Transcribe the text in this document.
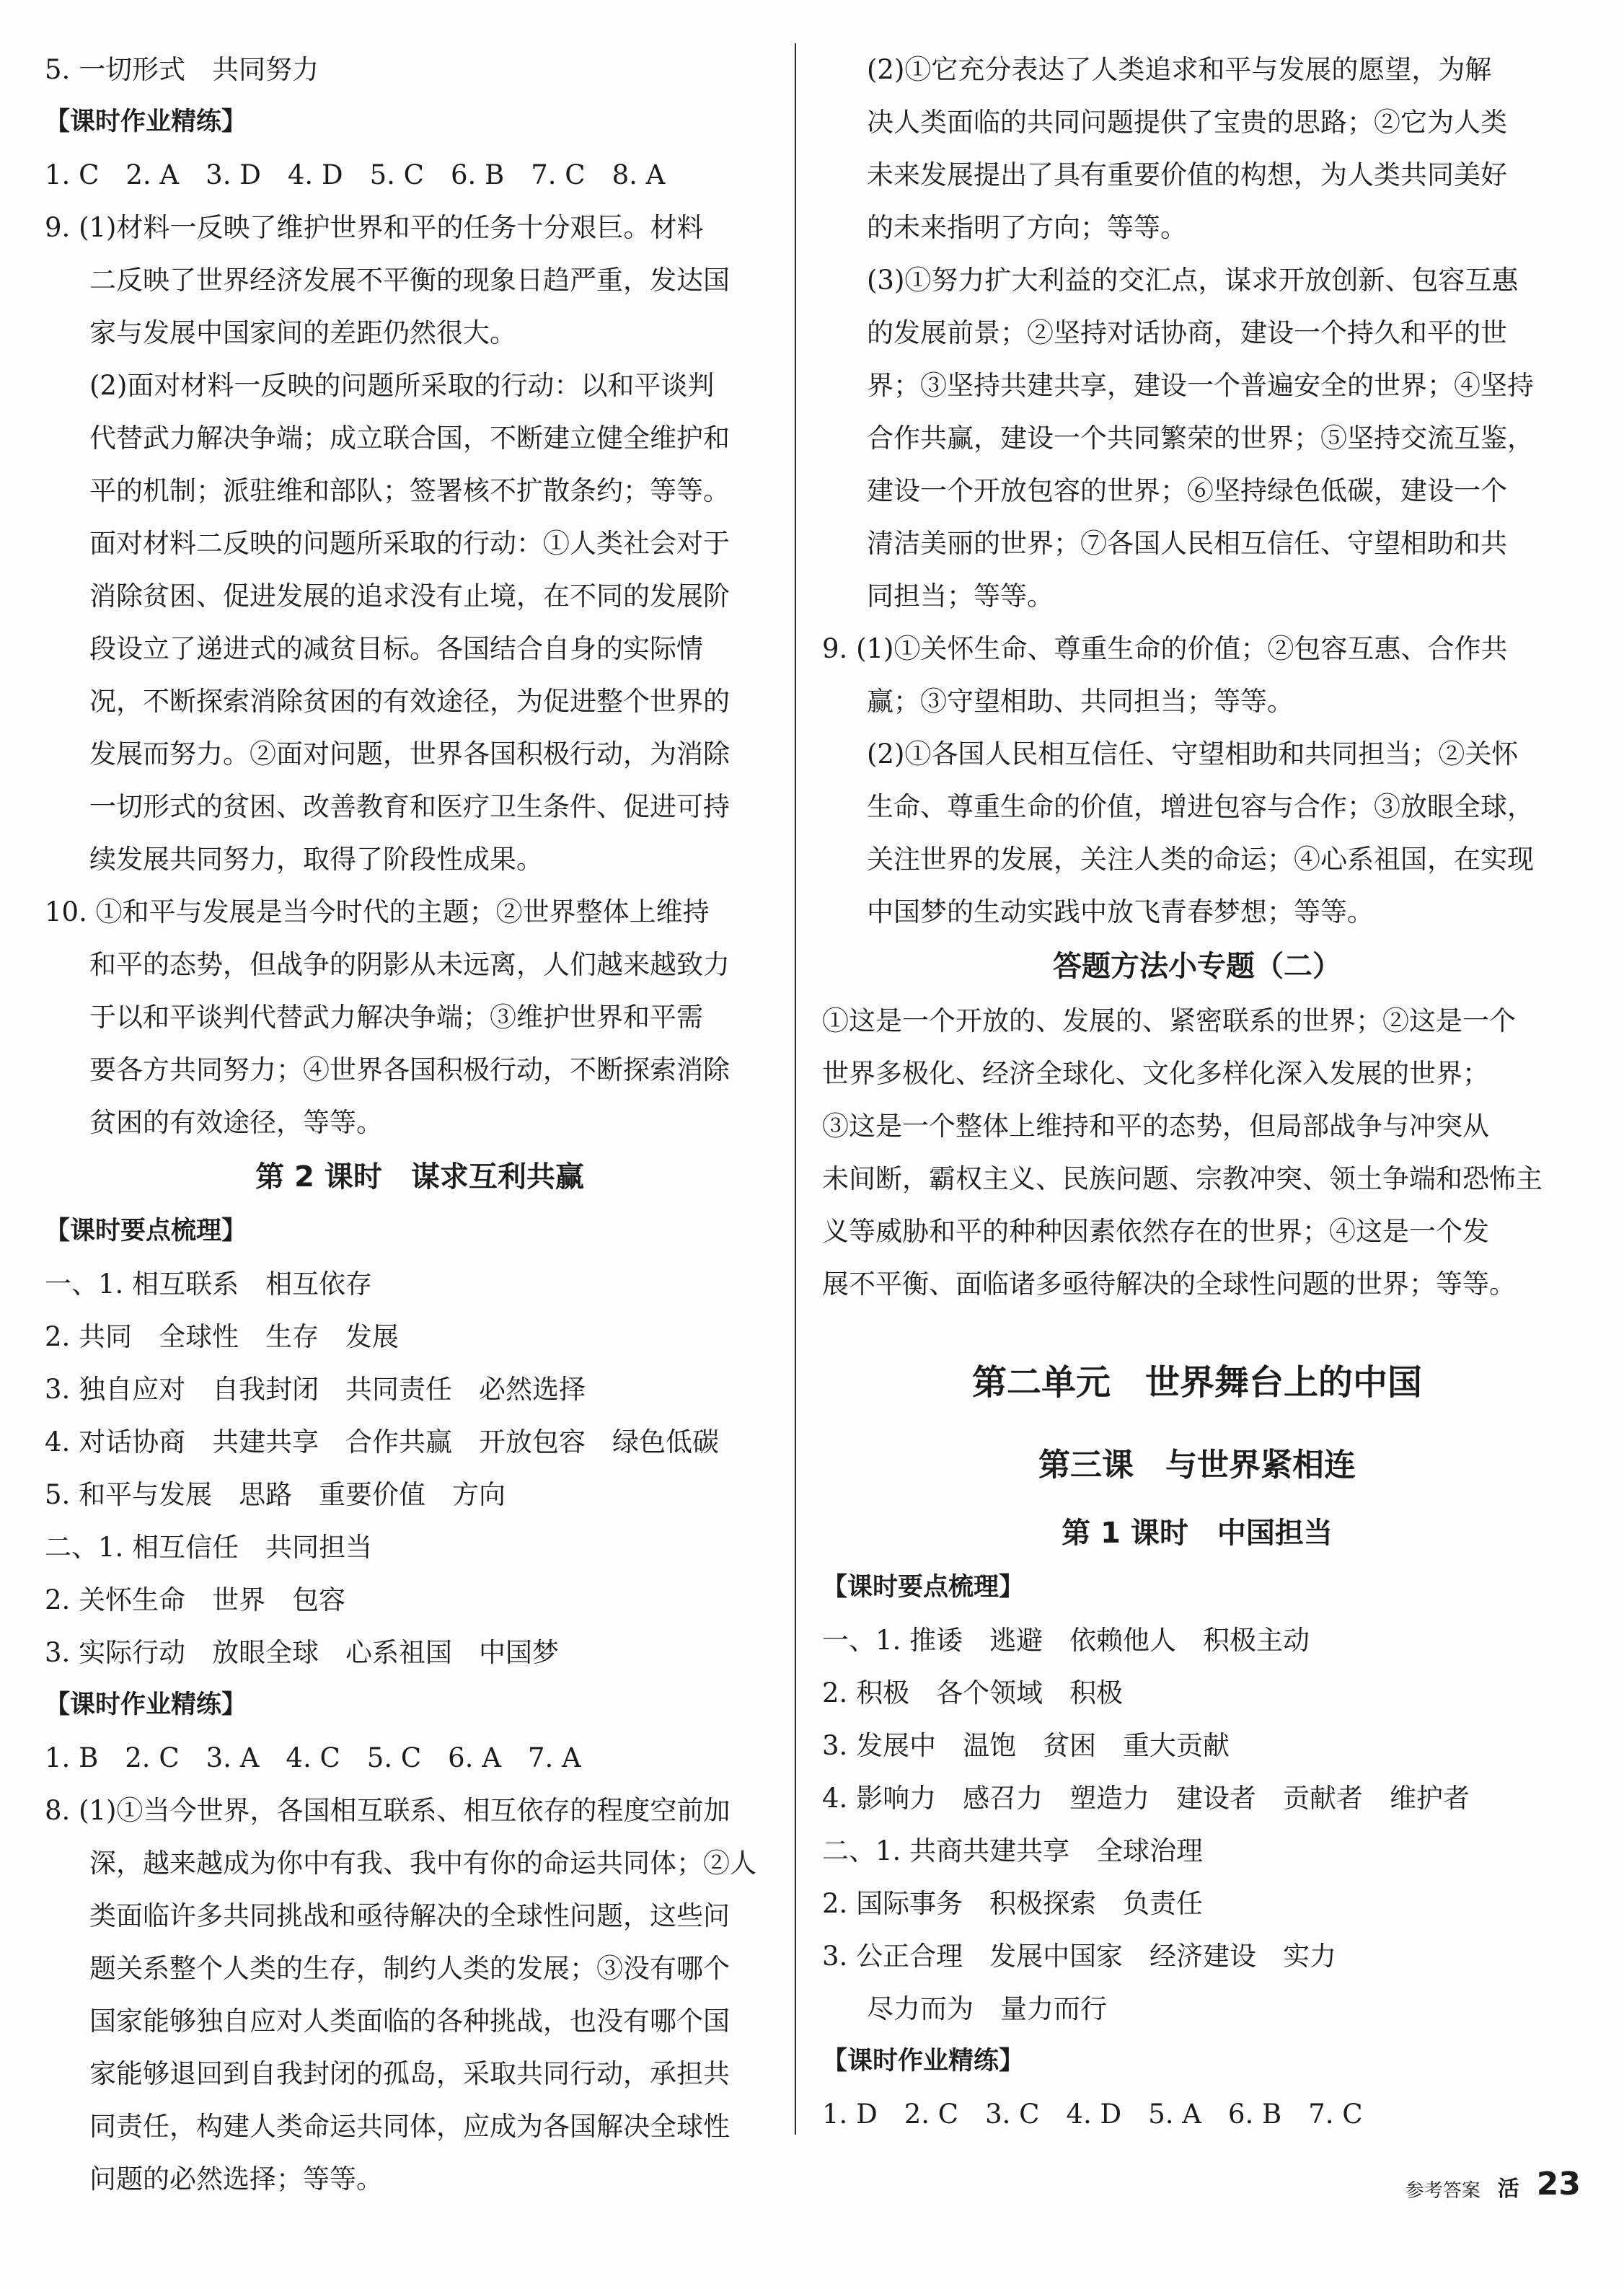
5. 一切形式　共同努力
【课时作业精练】
1. C　2. A　3. D　4. D　5. C　6. B　7. C　8. A
9. (1)材料一反映了维护世界和平的任务十分艰巨。材料
二反映了世界经济发展不平衡的现象日趋严重，发达国
家与发展中国家间的差距仍然很大。
(2)面对材料一反映的问题所采取的行动：以和平谈判
代替武力解决争端；成立联合国，不断建立健全维护和
平的机制；派驻维和部队；签署核不扩散条约；等等。
面对材料二反映的问题所采取的行动：①人类社会对于
消除贫困、促进发展的追求没有止境，在不同的发展阶
段设立了递进式的减贫目标。各国结合自身的实际情
况，不断探索消除贫困的有效途径，为促进整个世界的
发展而努力。②面对问题，世界各国积极行动，为消除
一切形式的贫困、改善教育和医疗卫生条件、促进可持
续发展共同努力，取得了阶段性成果。
10. ①和平与发展是当今时代的主题；②世界整体上维持
和平的态势，但战争的阴影从未远离，人们越来越致力
于以和平谈判代替武力解决争端；③维护世界和平需
要各方共同努力；④世界各国积极行动，不断探索消除
贫困的有效途径，等等。
第 2 课时　谋求互利共赢
【课时要点梳理】
一、1. 相互联系　相互依存
2. 共同　全球性　生存　发展
3. 独自应对　自我封闭　共同责任　必然选择
4. 对话协商　共建共享　合作共赢　开放包容　绿色低碳
5. 和平与发展　思路　重要价值　方向
二、1. 相互信任　共同担当
2. 关怀生命　世界　包容
3. 实际行动　放眼全球　心系祖国　中国梦
【课时作业精练】
1. B　2. C　3. A　4. C　5. C　6. A　7. A
8. (1)①当今世界，各国相互联系、相互依存的程度空前加
深，越来越成为你中有我、我中有你的命运共同体；②人
类面临许多共同挑战和亟待解决的全球性问题，这些问
题关系整个人类的生存，制约人类的发展；③没有哪个
国家能够独自应对人类面临的各种挑战，也没有哪个国
家能够退回到自我封闭的孤岛，采取共同行动，承担共
同责任，构建人类命运共同体，应成为各国解决全球性
问题的必然选择；等等。
(2)①它充分表达了人类追求和平与发展的愿望，为解
决人类面临的共同问题提供了宝贵的思路；②它为人类
未来发展提出了具有重要价值的构想，为人类共同美好
的未来指明了方向；等等。
(3)①努力扩大利益的交汇点，谋求开放创新、包容互惠
的发展前景；②坚持对话协商，建设一个持久和平的世
界；③坚持共建共享，建设一个普遍安全的世界；④坚持
合作共赢，建设一个共同繁荣的世界；⑤坚持交流互鉴，
建设一个开放包容的世界；⑥坚持绿色低碳，建设一个
清洁美丽的世界；⑦各国人民相互信任、守望相助和共
同担当；等等。
9. (1)①关怀生命、尊重生命的价值；②包容互惠、合作共
赢；③守望相助、共同担当；等等。
(2)①各国人民相互信任、守望相助和共同担当；②关怀
生命、尊重生命的价值，增进包容与合作；③放眼全球，
关注世界的发展，关注人类的命运；④心系祖国，在实现
中国梦的生动实践中放飞青春梦想；等等。
答题方法小专题（二）
①这是一个开放的、发展的、紧密联系的世界；②这是一个
世界多极化、经济全球化、文化多样化深入发展的世界；
③这是一个整体上维持和平的态势，但局部战争与冲突从
未间断，霸权主义、民族问题、宗教冲突、领土争端和恐怖主
义等威胁和平的种种因素依然存在的世界；④这是一个发
展不平衡、面临诸多亟待解决的全球性问题的世界；等等。
第二单元　世界舞台上的中国
第三课　与世界紧相连
第 1 课时　中国担当
【课时要点梳理】
一、1. 推诿　逃避　依赖他人　积极主动
2. 积极　各个领域　积极
3. 发展中　温饱　贫困　重大贡献
4. 影响力　感召力　塑造力　建设者　贡献者　维护者
二、1. 共商共建共享　全球治理
2. 国际事务　积极探索　负责任
3. 公正合理　发展中国家　经济建设　实力
尽力而为　量力而行
【课时作业精练】
1. D　2. C　3. C　4. D　5. A　6. B　7. C
参考答案 活 23
